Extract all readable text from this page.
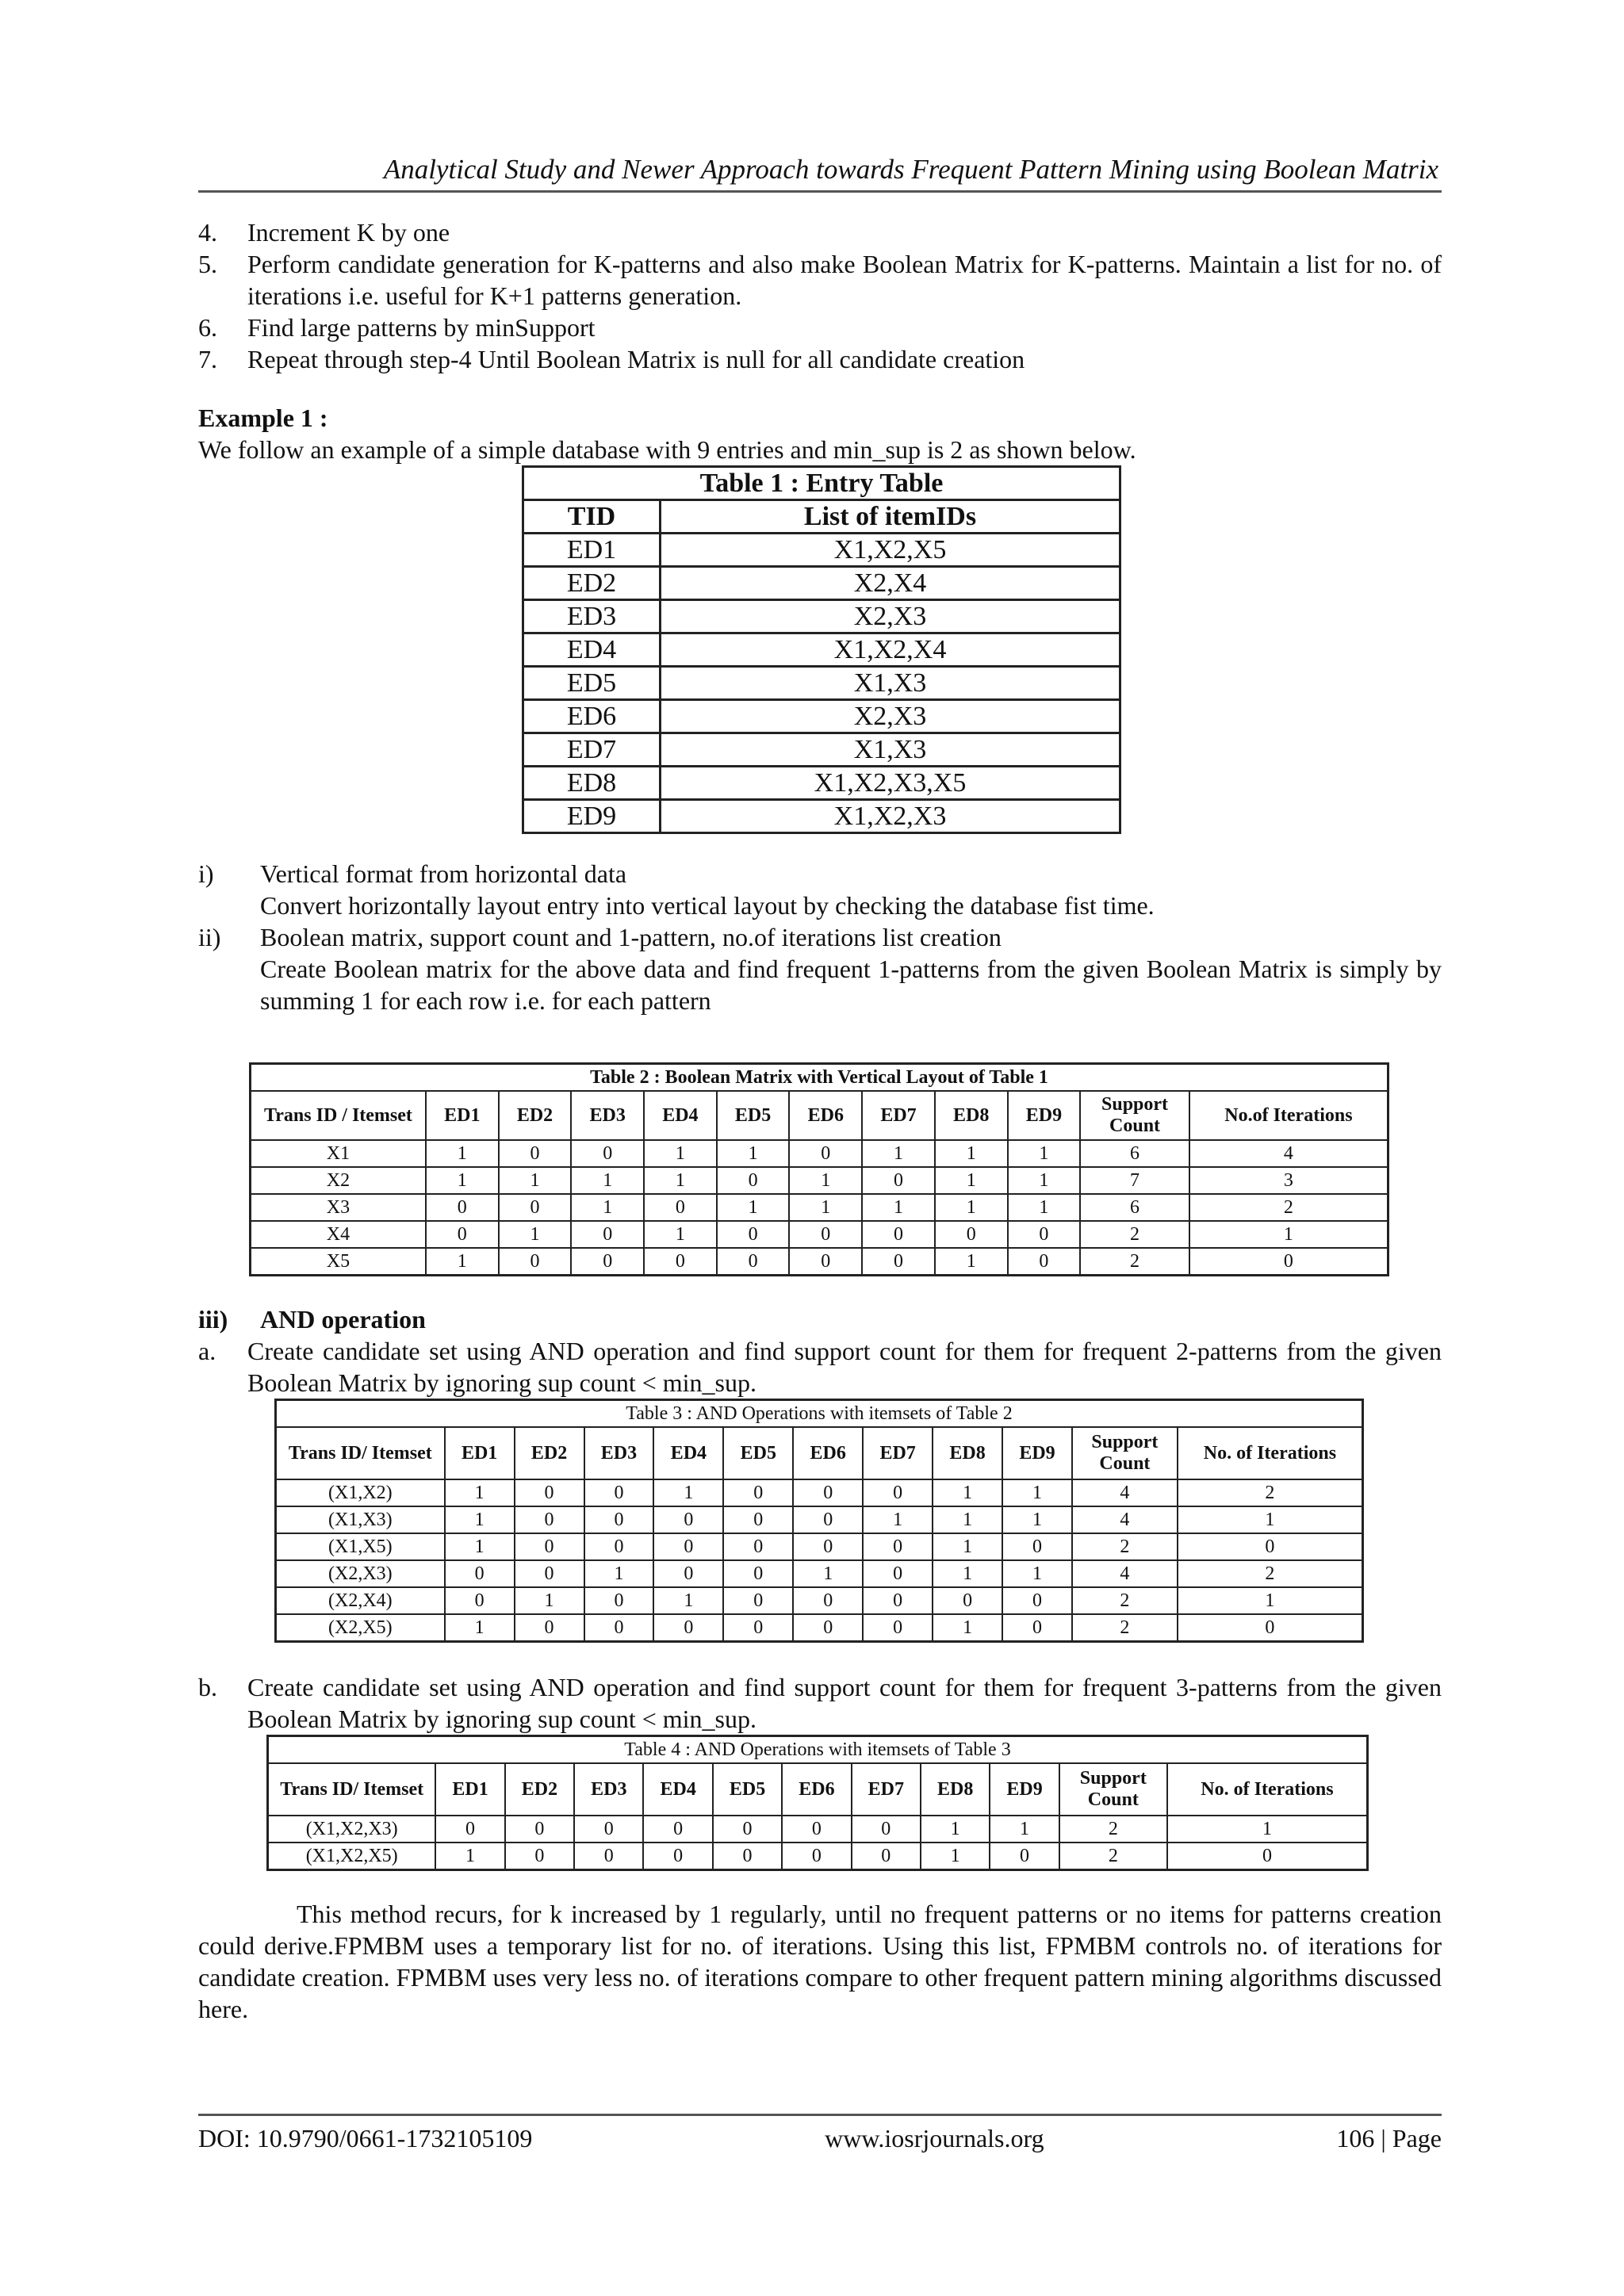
Analytical Study and Newer Approach towards Frequent Pattern Mining using Boolean Matrix
4.	Increment K by one
5.	Perform candidate generation for K-patterns and also make Boolean Matrix for K-patterns. Maintain a list for no. of iterations i.e. useful for K+1 patterns generation.
6.	Find large patterns by minSupport
7.	Repeat through step-4 Until Boolean Matrix is null for all candidate creation
Example 1 :
We follow an example of a simple database with 9 entries and min_sup is 2 as shown below.
Table 1 : Entry Table	
TID	List of itemIDs
ED1	X1,X2,X5
ED2	X2,X4
ED3	X2,X3
ED4	X1,X2,X4
ED5	X1,X3
ED6	X2,X3
ED7	X1,X3
ED8	X1,X2,X3,X5
ED9	X1,X2,X3
i)	Vertical format from horizontal data
Convert horizontally layout entry into vertical layout by checking the database fist time.
ii)	Boolean matrix, support count and 1-pattern, no.of iterations list creation
Create Boolean matrix for the above data and find frequent 1-patterns from the given Boolean Matrix is simply by summing 1 for each row i.e. for each pattern
Table 2 : Boolean Matrix with Vertical Layout of Table 1											
Trans ID / Itemset	ED1	ED2	ED3	ED4	ED5	ED6	ED7	ED8	ED9	Support Count	No.of Iterations
X1	1	0	0	1	1	0	1	1	1	6	4
X2	1	1	1	1	0	1	0	1	1	7	3
X3	0	0	1	0	1	1	1	1	1	6	2
X4	0	1	0	1	0	0	0	0	0	2	1
X5	1	0	0	0	0	0	0	1	0	2	0
iii)	AND operation
a.	Create candidate set using AND operation and find support count for them for frequent 2-patterns from the given Boolean Matrix by ignoring sup count < min_sup.
Table 3 : AND Operations with itemsets of Table 2											
Trans ID/ Itemset	ED1	ED2	ED3	ED4	ED5	ED6	ED7	ED8	ED9	Support Count	No. of Iterations
(X1,X2)	1	0	0	1	0	0	0	1	1	4	2
(X1,X3)	1	0	0	0	0	0	1	1	1	4	1
(X1,X5)	1	0	0	0	0	0	0	1	0	2	0
(X2,X3)	0	0	1	0	0	1	0	1	1	4	2
(X2,X4)	0	1	0	1	0	0	0	0	0	2	1
(X2,X5)	1	0	0	0	0	0	0	1	0	2	0
b.	Create candidate set using AND operation and find support count for them for frequent 3-patterns from the given Boolean Matrix by ignoring sup count < min_sup.
Table 4 : AND Operations with itemsets of Table 3											
Trans ID/ Itemset	ED1	ED2	ED3	ED4	ED5	ED6	ED7	ED8	ED9	Support Count	No. of Iterations
(X1,X2,X3)	0	0	0	0	0	0	0	1	1	2	1
(X1,X2,X5)	1	0	0	0	0	0	0	1	0	2	0
This method recurs, for k increased by 1 regularly, until no frequent patterns or no items for patterns creation could derive.FPMBM uses a temporary list for no. of iterations. Using this list, FPMBM controls no. of iterations for candidate creation. FPMBM uses very less no. of iterations compare to other frequent pattern mining algorithms discussed here.
DOI: 10.9790/0661-1732105109	www.iosrjournals.org	106 | Page
